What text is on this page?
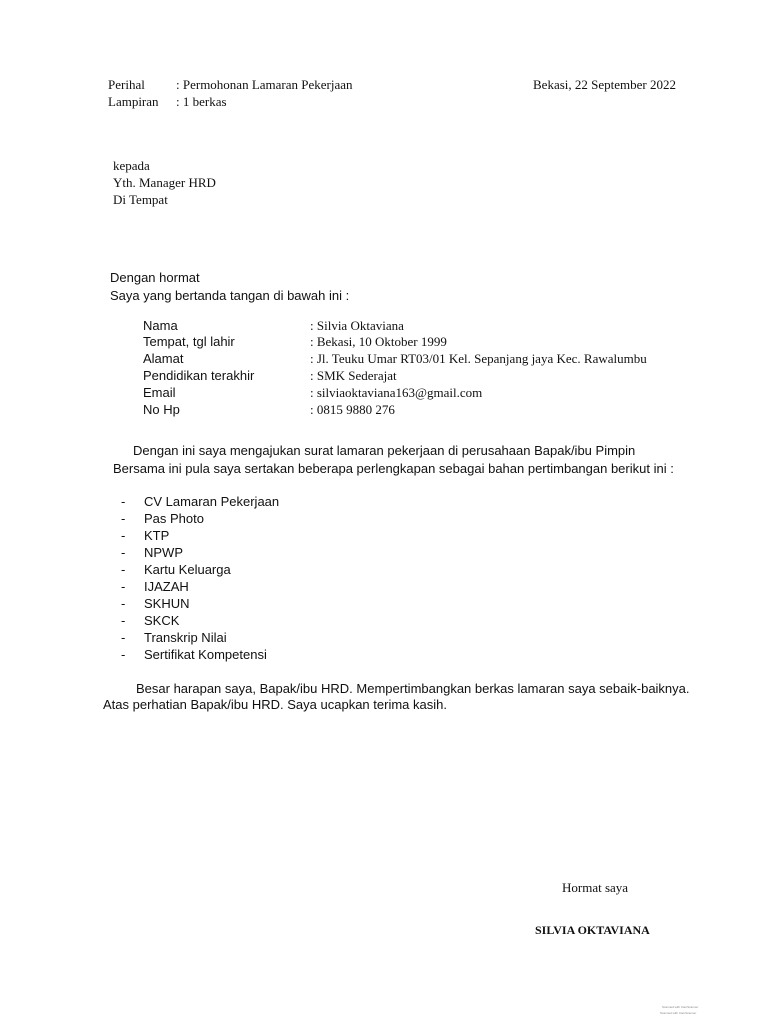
Perihal : Permohonan Lamaran Pekerjaan
Lampiran : 1 berkas
Bekasi, 22 September 2022
kepada
Yth. Manager HRD
Di Tempat
Dengan hormat
Saya yang bertanda tangan di bawah ini :
Nama	: Silvia Oktaviana
Tempat, tgl lahir	: Bekasi, 10 Oktober 1999
Alamat	: Jl. Teuku Umar RT03/01 Kel. Sepanjang jaya Kec. Rawalumbu
Pendidikan terakhir	: SMK Sederajat
Email	: silviaoktaviana163@gmail.com
No Hp	: 0815 9880 276
Dengan ini saya mengajukan surat lamaran pekerjaan di perusahaan Bapak/ibu Pimpin
Bersama ini pula saya sertakan beberapa perlengkapan sebagai bahan pertimbangan berikut ini :
- CV Lamaran Pekerjaan
- Pas Photo
- KTP
- NPWP
- Kartu Keluarga
- IJAZAH
- SKHUN
- SKCK
- Transkrip Nilai
- Sertifikat Kompetensi
Besar harapan saya, Bapak/ibu HRD. Mempertimbangkan berkas lamaran saya sebaik-baiknya.
Atas perhatian Bapak/ibu HRD. Saya ucapkan terima kasih.
Hormat saya
SILVIA OKTAVIANA
Scanned with CamScanner
Scanned with CamScanner
